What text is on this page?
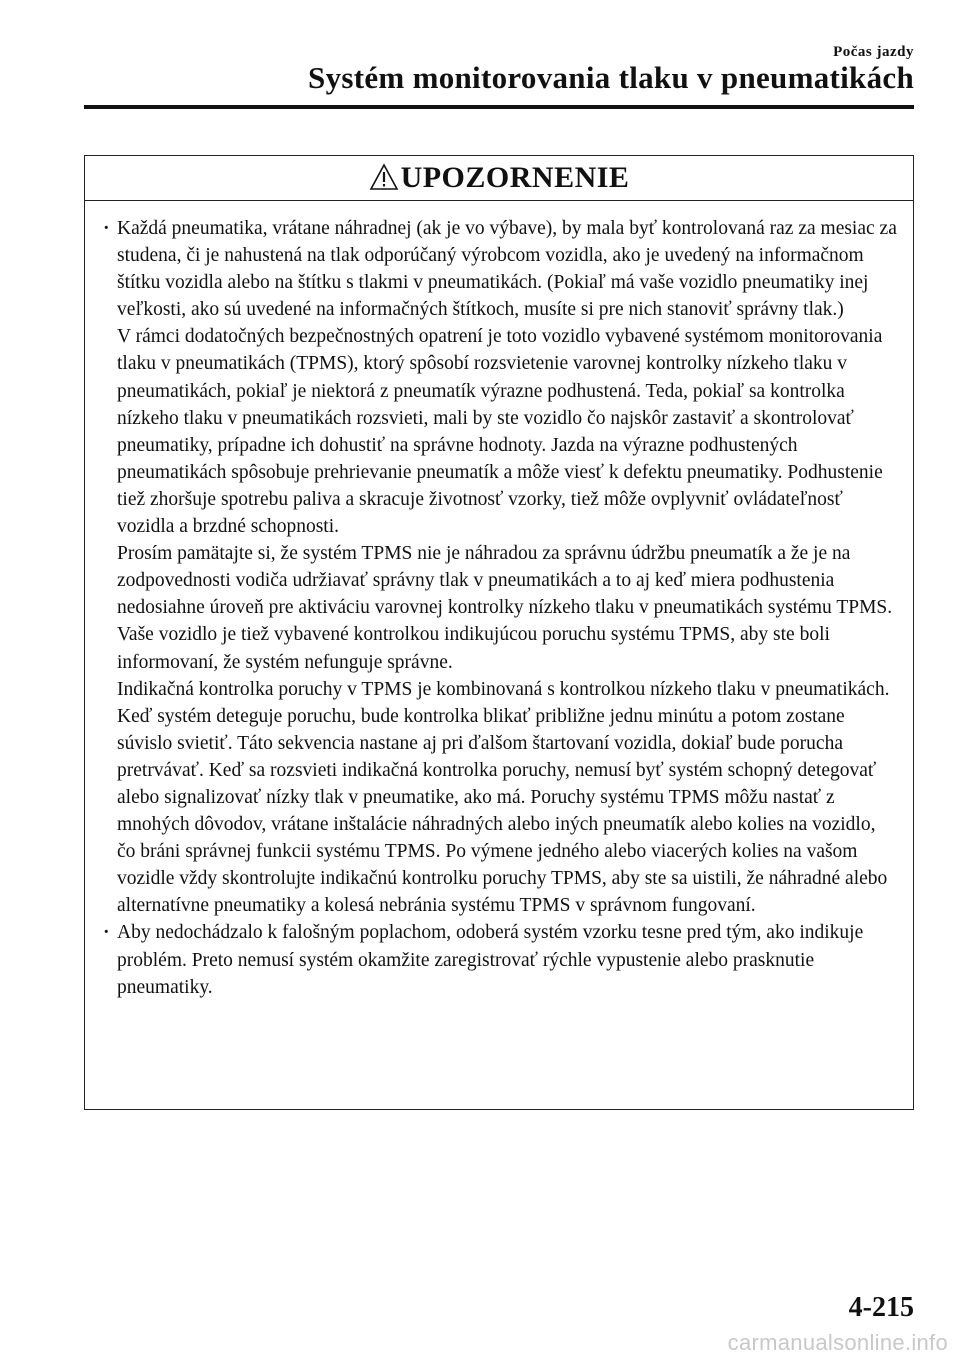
Počas jazdy
Systém monitorovania tlaku v pneumatikách
UPOZORNENIE
· Každá pneumatika, vrátane náhradnej (ak je vo výbave), by mala byť kontrolovaná raz za mesiac za studena, či je nahustená na tlak odporúčaný výrobcom vozidla, ako je uvedený na informačnom štítku vozidla alebo na štítku s tlakmi v pneumatikách. (Pokiaľ má vaše vozidlo pneumatiky inej veľkosti, ako sú uvedené na informačných štítkoch, musíte si pre nich stanoviť správny tlak.)

V rámci dodatočných bezpečnostných opatrení je toto vozidlo vybavené systémom monitorovania tlaku v pneumatikách (TPMS), ktorý spôsobí rozsvietenie varovnej kontrolky nízkeho tlaku v pneumatikách, pokiaľ je niektorá z pneumatík výrazne podhustená. Teda, pokiaľ sa kontrolka nízkeho tlaku v pneumatikách rozsvieti, mali by ste vozidlo čo najskôr zastaviť a skontrolovať pneumatiky, prípadne ich dohustiť na správne hodnoty. Jazda na výrazne podhustených pneumatikách spôsobuje prehrievanie pneumatík a môže viesť k defektu pneumatiky. Podhustenie tiež zhoršuje spotrebu paliva a skracuje životnosť vzorky, tiež môže ovplyvniť ovládateľnosť vozidla a brzdné schopnosti.

Prosím pamätajte si, že systém TPMS nie je náhradou za správnu údržbu pneumatík a že je na zodpovednosti vodiča udržiavať správny tlak v pneumatikách a to aj keď miera podhustenia nedosiahne úroveň pre aktiváciu varovnej kontrolky nízkeho tlaku v pneumatikách systému TPMS.

Vaše vozidlo je tiež vybavené kontrolkou indikujúcou poruchu systému TPMS, aby ste boli informovaní, že systém nefunguje správne.

Indikačná kontrolka poruchy v TPMS je kombinovaná s kontrolkou nízkeho tlaku v pneumatikách. Keď systém deteguje poruchu, bude kontrolka blikať približne jednu minútu a potom zostane súvislo svietiť. Táto sekvencia nastane aj pri ďalšom štartovaní vozidla, dokiaľ bude porucha pretrvávať. Keď sa rozsvieti indikačná kontrolka poruchy, nemusí byť systém schopný detegovať alebo signalizovať nízky tlak v pneumatike, ako má. Poruchy systému TPMS môžu nastať z mnohých dôvodov, vrátane inštalácie náhradných alebo iných pneumatík alebo kolies na vozidlo, čo bráni správnej funkcii systému TPMS. Po výmene jedného alebo viacerých kolies na vašom vozidle vždy skontrolujte indikačnú kontrolku poruchy TPMS, aby ste sa uistili, že náhradné alebo alternatívne pneumatiky a kolesá nebránia systému TPMS v správnom fungovaní.

· Aby nedochádzalo k falošným poplachom, odoberá systém vzorku tesne pred tým, ako indikuje problém. Preto nemusí systém okamžite zaregistrovať rýchle vypustenie alebo prasknutie pneumatiky.

4-215
carmanualsonline.info
